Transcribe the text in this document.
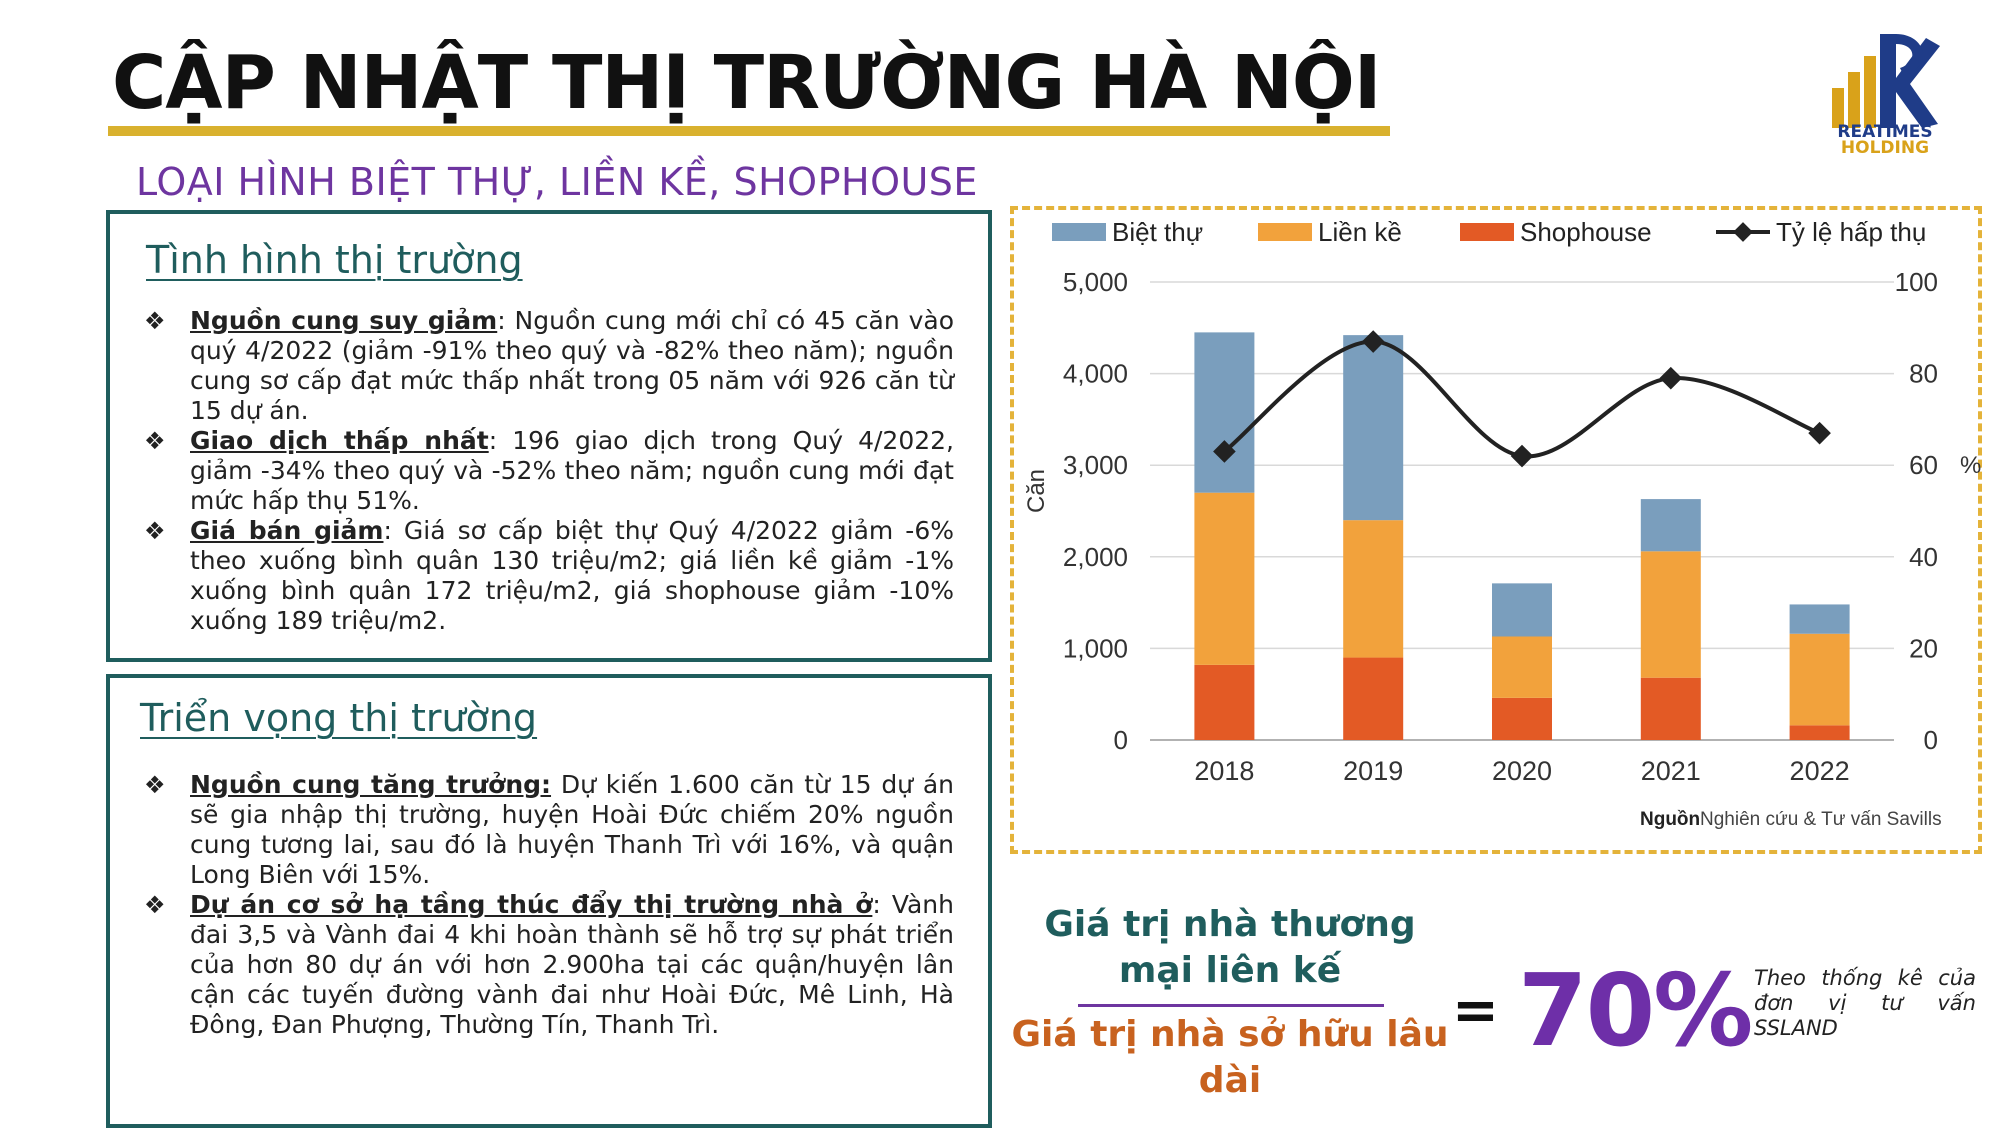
CẬP NHẬT THỊ TRƯỜNG HÀ NỘI
LOẠI HÌNH BIỆT THỰ, LIỀN KỀ, SHOPHOUSE
REATIMES
HOLDING
Tình hình thị trường
❖ Nguồn cung suy giảm: Nguồn cung mới chỉ có 45 căn vào quý 4/2022 (giảm -91% theo quý và -82% theo năm); nguồn cung sơ cấp đạt mức thấp nhất trong 05 năm với 926 căn từ 15 dự án.
❖ Giao dịch thấp nhất: 196 giao dịch trong Quý 4/2022, giảm -34% theo quý và -52% theo năm; nguồn cung mới đạt mức hấp thụ 51%.
❖ Giá bán giảm: Giá sơ cấp biệt thự Quý 4/2022 giảm -6% theo xuống bình quân 130 triệu/m2; giá liền kề giảm -1% xuống bình quân 172 triệu/m2, giá shophouse giảm -10% xuống 189 triệu/m2.
Triển vọng thị trường
❖ Nguồn cung tăng trưởng: Dự kiến 1.600 căn từ 15 dự án sẽ gia nhập thị trường, huyện Hoài Đức chiếm 20% nguồn cung tương lai, sau đó là huyện Thanh Trì với 16%, và quận Long Biên với 15%.
❖ Dự án cơ sở hạ tầng thúc đẩy thị trường nhà ở: Vành đai 3,5 và Vành đai 4 khi hoàn thành sẽ hỗ trợ sự phát triển của hơn 80 dự án với hơn 2.900ha tại các quận/huyện lân cận các tuyến đường vành đai như Hoài Đức, Mê Linh, Hà Đông, Đan Phượng, Thường Tín, Thanh Trì.
0
1,000
2,000
3,000
4,000
5,000
0
20
40
60
80
100
Căn
%
2018	2019	2020	2021	2022
Biệt thự	Liền kề	Shophouse	Tỷ lệ hấp thụ
Nguồn Nghiên cứu & Tư vấn Savills
Giá trị nhà thương mại liên kế
Giá trị nhà sở hữu lâu dài
= 70% Theo thống kê của đơn vị tư vấn SSLAND
